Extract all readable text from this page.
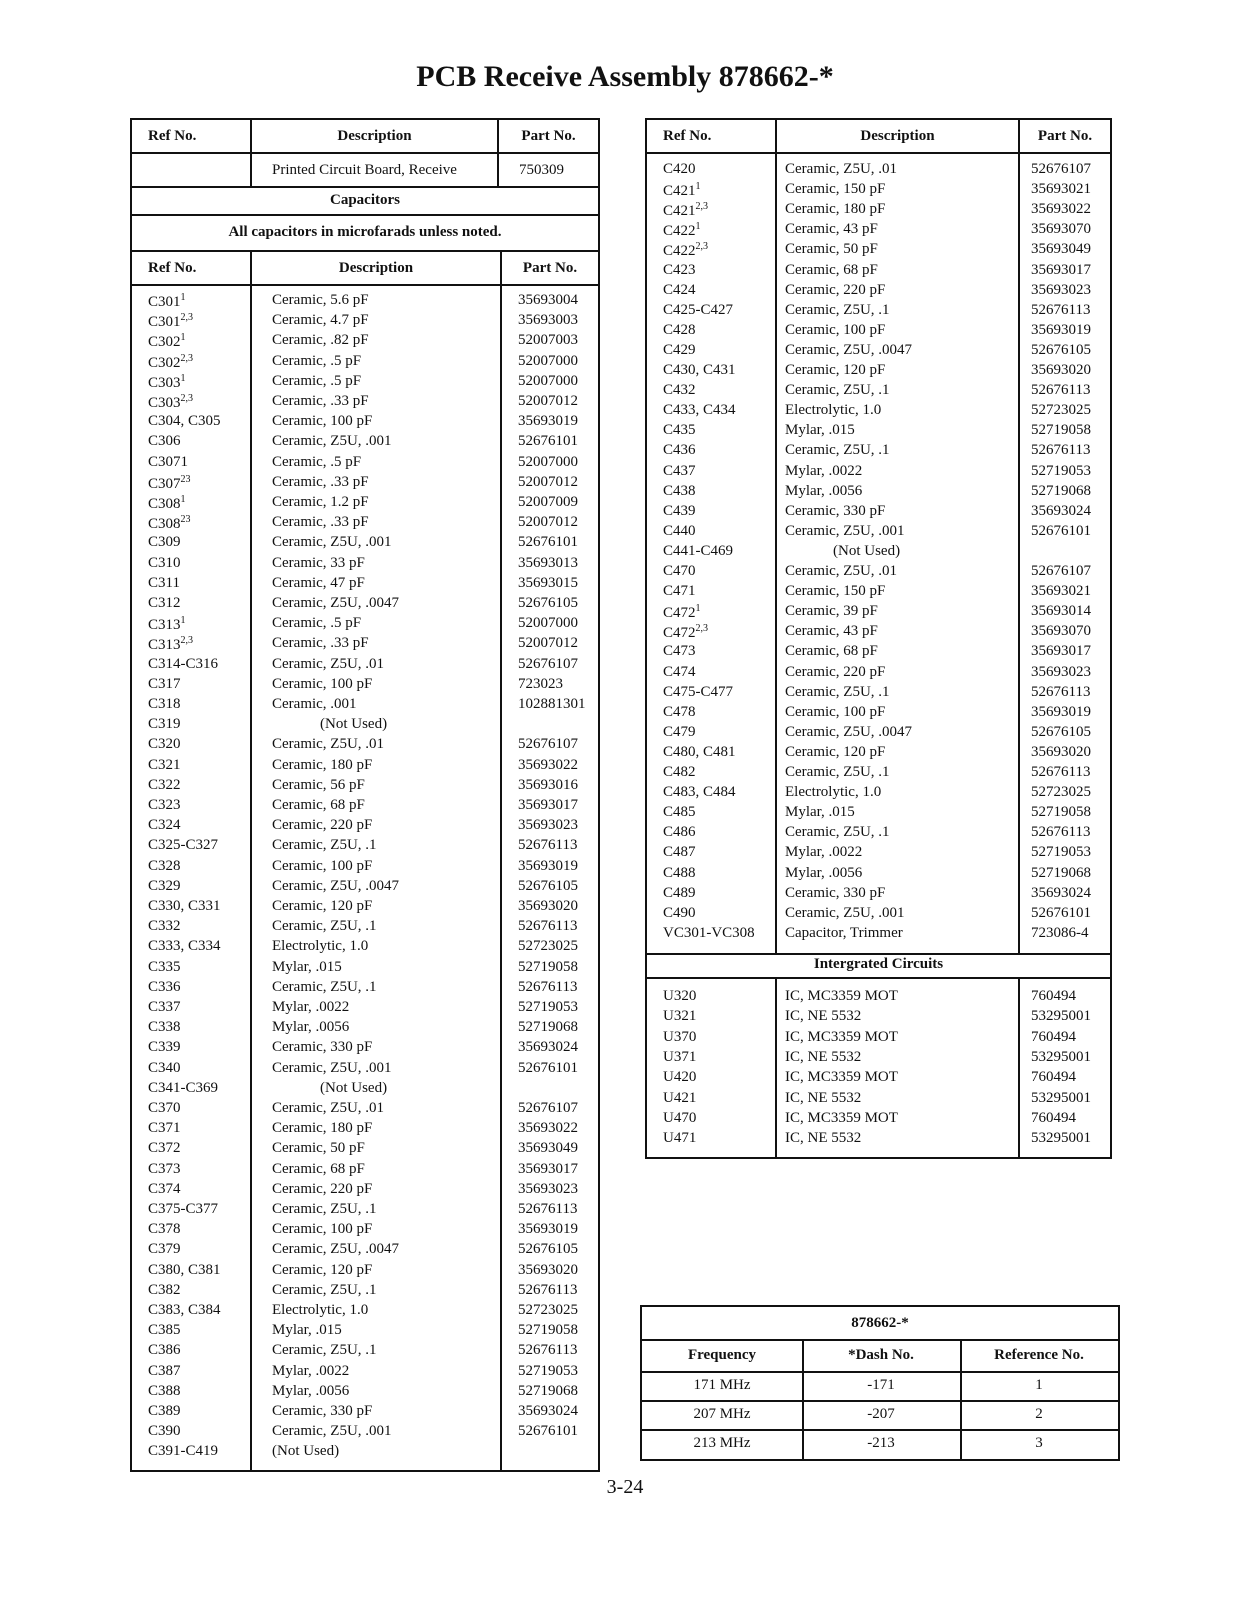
PCB Receive Assembly 878662-*
Ref No.	Description	Part No.
Printed Circuit Board, Receive	750309
Capacitors
All capacitors in microfarads unless noted.
Ref No.	Description	Part No.
$C301^1$	Ceramic, 5.6 pF	35693004
C301$^{2,3}$	Ceramic, 4.7 pF	35693003
$C302^1$	Ceramic, .82 pF	52007003
C302$^{2,3}$	Ceramic, .5 pF	52007000
$C303^1$	Ceramic, .5 pF	52007000
C303$^{2,3}$	Ceramic, .33 pF	52007012
C304, C305	Ceramic, 100 pF	35693019
C306	Ceramic, Z5U, .001	52676101
C3071	Ceramic, .5 pF	52007000
$C307^{23}$	Ceramic, .33 pF	52007012
$C308^1$	Ceramic, 1.2 pF	52007009
$C308^{23}$	Ceramic, .33 pF	52007012
C309	Ceramic, Z5U, .001	52676101
C310	Ceramic, 33 pF	35693013
C311	Ceramic, 47 pF	35693015
C312	Ceramic, Z5U, .0047	52676105
$C313^1$	Ceramic, .5 pF	52007000
C313$^{2,3}$	Ceramic, .33 pF	52007012
C314-C316	Ceramic, Z5U, .01	52676107
C317	Ceramic, 100 pF	723023
C318	Ceramic, .001	102881301
C319	(Not Used)
C320	Ceramic, Z5U, .01	52676107
C321	Ceramic, 180 pF	35693022
C322	Ceramic, 56 pF	35693016
C323	Ceramic, 68 pF	35693017
C324	Ceramic, 220 pF	35693023
C325-C327	Ceramic, Z5U, .1	52676113
C328	Ceramic, 100 pF	35693019
C329	Ceramic, Z5U, .0047	52676105
C330, C331	Ceramic, 120 pF	35693020
C332	Ceramic, Z5U, .1	52676113
C333, C334	Electrolytic, 1.0	52723025
C335	Mylar, .015	52719058
C336	Ceramic, Z5U, .1	52676113
C337	Mylar, .0022	52719053
C338	Mylar, .0056	52719068
C339	Ceramic, 330 pF	35693024
C340	Ceramic, Z5U, .001	52676101
C341-C369	(Not Used)
C370	Ceramic, Z5U, .01	52676107
C371	Ceramic, 180 pF	35693022
C372	Ceramic, 50 pF	35693049
C373	Ceramic, 68 pF	35693017
C374	Ceramic, 220 pF	35693023
C375-C377	Ceramic, Z5U, .1	52676113
C378	Ceramic, 100 pF	35693019
C379	Ceramic, Z5U, .0047	52676105
C380, C381	Ceramic, 120 pF	35693020
C382	Ceramic, Z5U, .1	52676113
C383, C384	Electrolytic, 1.0	52723025
C385	Mylar, .015	52719058
C386	Ceramic, Z5U, .1	52676113
C387	Mylar, .0022	52719053
C388	Mylar, .0056	52719068
C389	Ceramic, 330 pF	35693024
C390	Ceramic, Z5U, .001	52676101
C391-C419	(Not Used)
Ref No.	Description	Part No.
Intergrated Circuits
C420	Ceramic, Z5U, .01	52676107
$C421^1$	Ceramic, 150 pF	35693021
C421$^{2,3}$	Ceramic, 180 pF	35693022
$C422^1$	Ceramic, 43 pF	35693070
C422$^{2,3}$	Ceramic, 50 pF	35693049
C423	Ceramic, 68 pF	35693017
C424	Ceramic, 220 pF	35693023
C425-C427	Ceramic, Z5U, .1	52676113
C428	Ceramic, 100 pF	35693019
C429	Ceramic, Z5U, .0047	52676105
C430, C431	Ceramic, 120 pF	35693020
C432	Ceramic, Z5U, .1	52676113
C433, C434	Electrolytic, 1.0	52723025
C435	Mylar, .015	52719058
C436	Ceramic, Z5U, .1	52676113
C437	Mylar, .0022	52719053
C438	Mylar, .0056	52719068
C439	Ceramic, 330 pF	35693024
C440	Ceramic, Z5U, .001	52676101
C441-C469	(Not Used)
C470	Ceramic, Z5U, .01	52676107
C471	Ceramic, 150 pF	35693021
$C472^1$	Ceramic, 39 pF	35693014
C472$^{2,3}$	Ceramic, 43 pF	35693070
C473	Ceramic, 68 pF	35693017
C474	Ceramic, 220 pF	35693023
C475-C477	Ceramic, Z5U, .1	52676113
C478	Ceramic, 100 pF	35693019
C479	Ceramic, Z5U, .0047	52676105
C480, C481	Ceramic, 120 pF	35693020
C482	Ceramic, Z5U, .1	52676113
C483, C484	Electrolytic, 1.0	52723025
C485	Mylar, .015	52719058
C486	Ceramic, Z5U, .1	52676113
C487	Mylar, .0022	52719053
C488	Mylar, .0056	52719068
C489	Ceramic, 330 pF	35693024
C490	Ceramic, Z5U, .001	52676101
VC301-VC308 Capacitor, Trimmer	723086-4
U320	IC, MC3359 MOT	760494
U321	IC, NE 5532	53295001
U370	IC, MC3359 MOT	760494
U371	IC, NE 5532	53295001
U420	IC, MC3359 MOT	760494
U421	IC, NE 5532	53295001
U470	IC, MC3359 MOT	760494
U471	IC, NE 5532	53295001
878662-*
Frequency	*Dash No.	Reference No.
171 MHz	-171	1
207 MHz	-207	2
213 MHz	-213	3
3-24
